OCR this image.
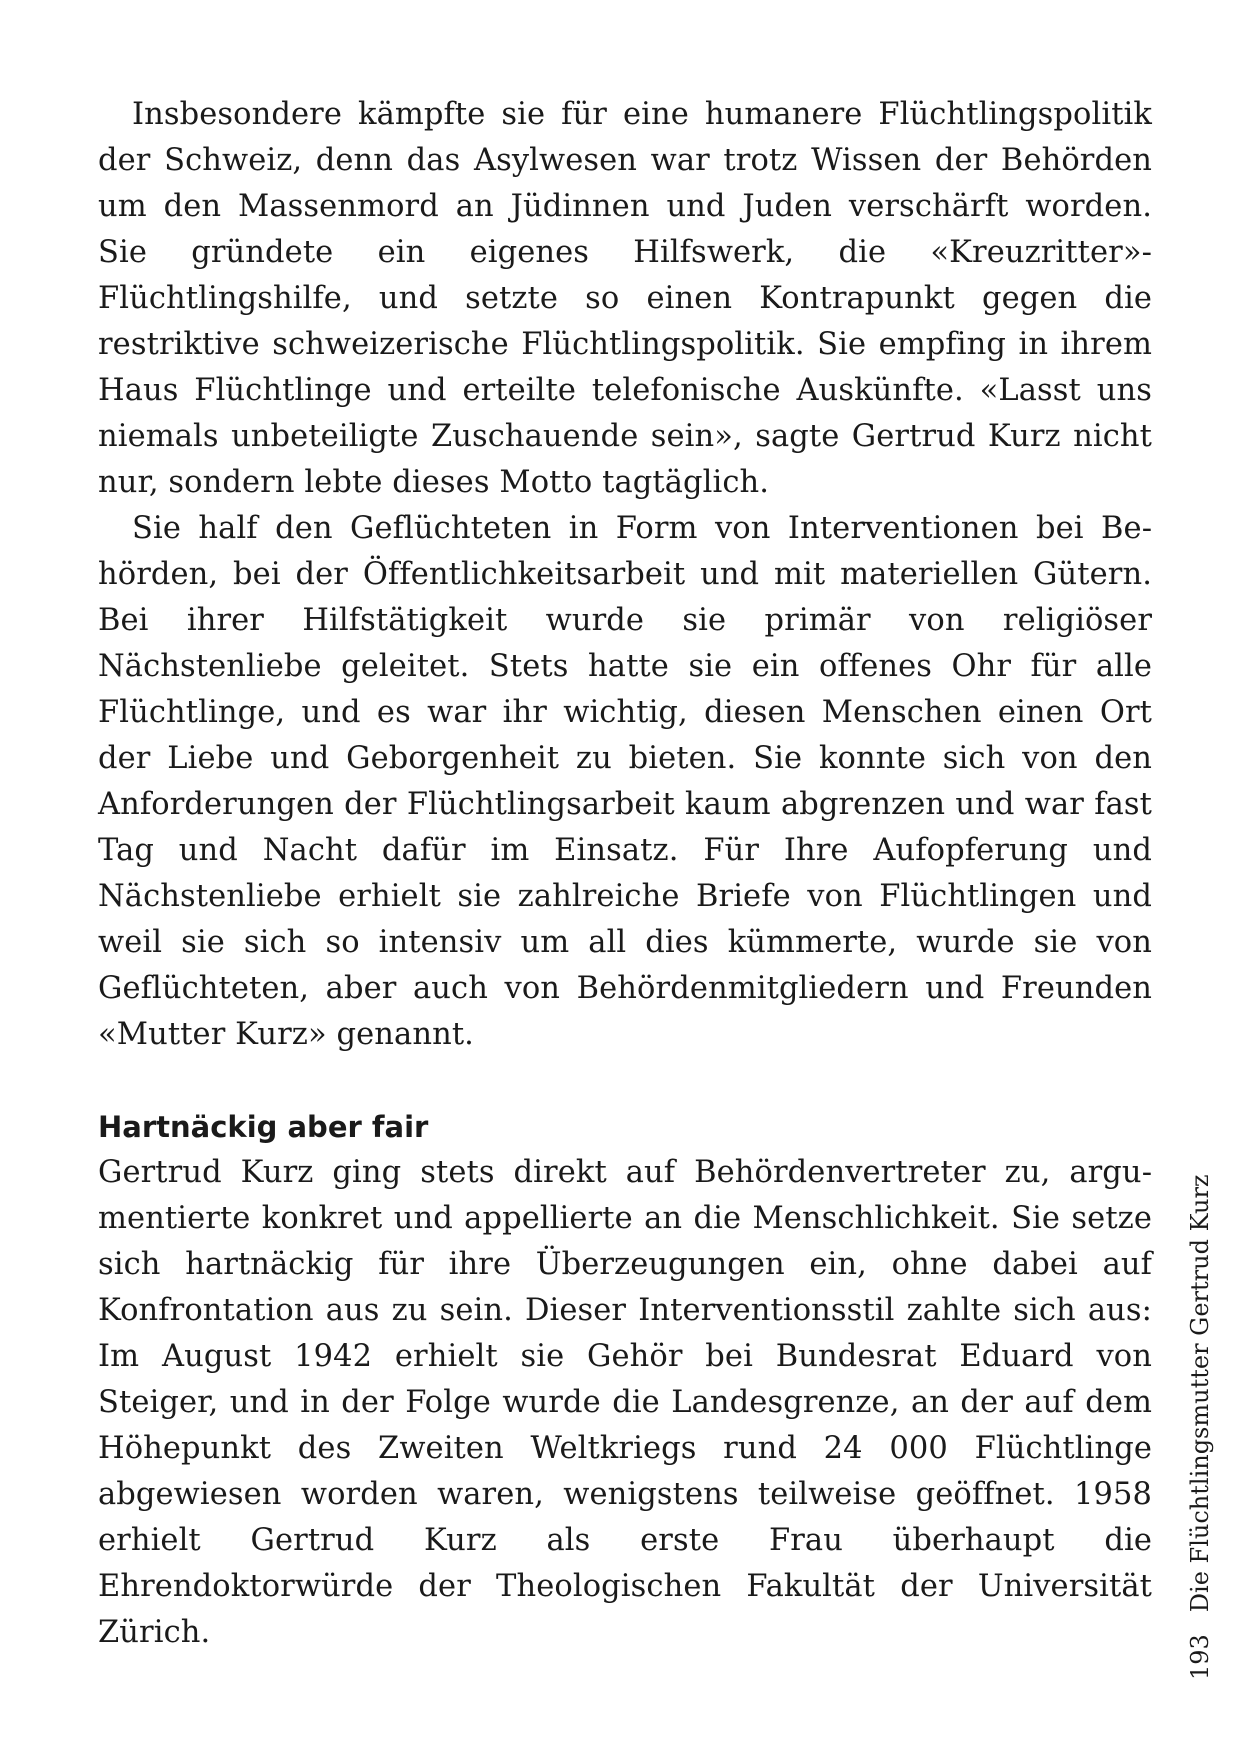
Insbesondere kämpfte sie für eine humanere Flüchtlingspolitik der Schweiz, denn das Asylwesen war trotz Wissen der Behörden um den Massenmord an Jüdinnen und Juden verschärft worden. Sie gründete ein eigenes Hilfswerk, die «Kreuzritter»-Flüchtlingshilfe, und setzte so einen Kontrapunkt gegen die restriktive schweizerische Flüchtlingspolitik. Sie empfing in ihrem Haus Flüchtlinge und erteilte telefonische Auskünfte. «Lasst uns niemals unbeteiligte Zuschauende sein», sagte Gertrud Kurz nicht nur, sondern lebte dieses Motto tagtäglich.

Sie half den Geflüchteten in Form von Interventionen bei Behörden, bei der Öffentlichkeitsarbeit und mit materiellen Gütern. Bei ihrer Hilfstätigkeit wurde sie primär von religiöser Nächstenliebe geleitet. Stets hatte sie ein offenes Ohr für alle Flüchtlinge, und es war ihr wichtig, diesen Menschen einen Ort der Liebe und Geborgenheit zu bieten. Sie konnte sich von den Anforderungen der Flüchtlingsarbeit kaum abgrenzen und war fast Tag und Nacht dafür im Einsatz. Für Ihre Aufopferung und Nächstenliebe erhielt sie zahlreiche Briefe von Flüchtlingen und weil sie sich so intensiv um all dies kümmerte, wurde sie von Geflüchteten, aber auch von Behördenmitgliedern und Freunden «Mutter Kurz» genannt.

Hartnäckig aber fair

Gertrud Kurz ging stets direkt auf Behördenvertreter zu, argumentierte konkret und appellierte an die Menschlichkeit. Sie setze sich hartnäckig für ihre Überzeugungen ein, ohne dabei auf Konfrontation aus zu sein. Dieser Interventionsstil zahlte sich aus: Im August 1942 erhielt sie Gehör bei Bundesrat Eduard von Steiger, und in der Folge wurde die Landesgrenze, an der auf dem Höhepunkt des Zweiten Weltkriegs rund 24 000 Flüchtlinge abgewiesen worden waren, wenigstens teilweise geöffnet. 1958 erhielt Gertrud Kurz als erste Frau überhaupt die Ehrendoktorwürde der Theologischen Fakultät der Universität Zürich.

193Die Flüchtlingsmutter Gertrud Kurz
